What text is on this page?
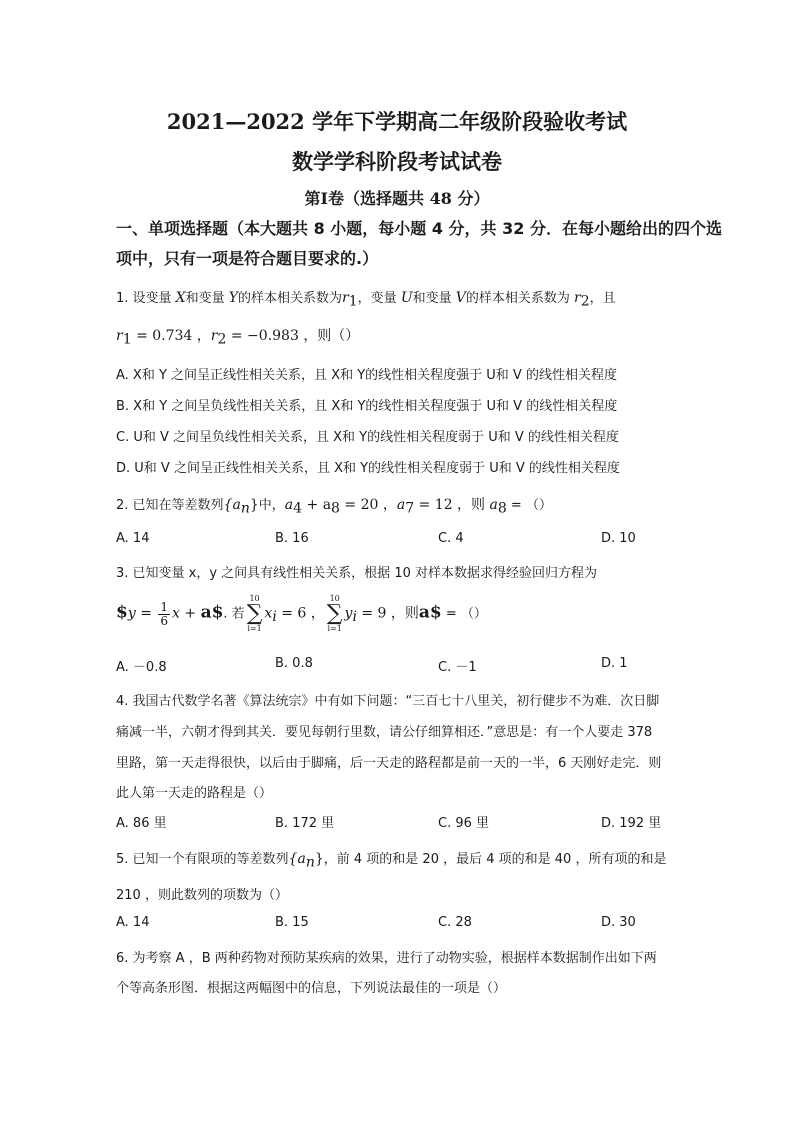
2021—2022 学年下学期高二年级阶段验收考试
数学学科阶段考试试卷
第Ⅰ卷（选择题共 48 分）
一、单项选择题（本大题共 8 小题，每小题 4 分，共 32 分．在每小题给出的四个选
项中，只有一项是符合题目要求的.）
1. 设变量 X和变量 Y的样本相关系数为$r_1$，变量 U和变量 V的样本相关系数为 $r_2$，且
$r_1 = 0.734$ ，$r_2 = -0.983$ ，则（）
A. X和 Y 之间呈正线性相关关系，且 X和 Y的线性相关程度强于 U和 V 的线性相关程度
B. X和 Y 之间呈负线性相关关系，且 X和 Y的线性相关程度强于 U和 V 的线性相关程度
C. U和 V 之间呈负线性相关关系，且 X和 Y的线性相关程度弱于 U和 V 的线性相关程度
D. U和 V 之间呈正线性相关关系，且 X和 Y的线性相关程度弱于 U和 V 的线性相关程度
2. 已知在等差数列$\{a_n\}$中，$a_4 + a_8 = 20$ ，$a_7 = 12$ ，则 $a_8$ = （）
A. 14	B. 16	C. 4	D. 10
3. 已知变量 x，y 之间具有线性相关关系，根据 10 对样本数据求得经验回归方程为
$y = $\frac{1}{6}$ x + a$. 若
10
∑
i=1
$x_i = 6$ ，
10
∑
i=1
$y_i = 9$ ，则a$ = （）
A. －0.8	B. 0.8	C. －1	D. 1
4. 我国古代数学名著《算法统宗》中有如下问题：“三百七十八里关，初行健步不为难．次日脚
痛减一半，六朝才得到其关．要见每朝行里数，请公仔细算相还．”意思是：有一个人要走 378
里路，第一天走得很快，以后由于脚痛，后一天走的路程都是前一天的一半，6 天刚好走完．则
此人第一天走的路程是（）
A. 86 里	B. 172 里	C. 96 里	D. 192 里
5. 已知一个有限项的等差数列$\{a_n\}$，前 4 项的和是 20 ，最后 4 项的和是 40 ，所有项的和是
210 ，则此数列的项数为（）
A. 14	B. 15	C. 28	D. 30
6. 为考察 A ，B 两种药物对预防某疾病的效果，进行了动物实验，根据样本数据制作出如下两
个等高条形图．根据这两幅图中的信息，下列说法最佳的一项是（）
